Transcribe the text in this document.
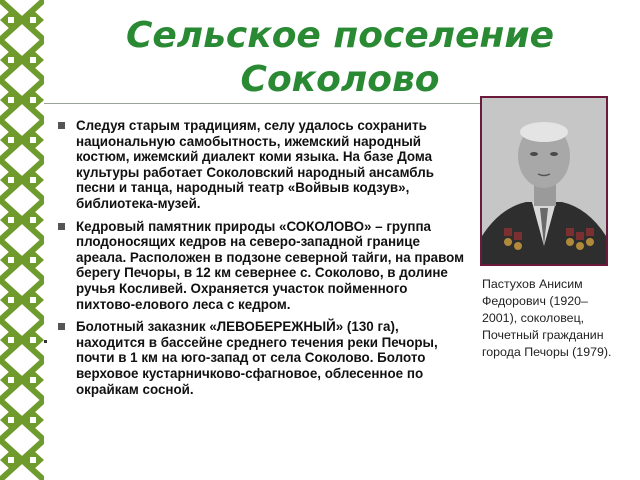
Сельское поселение Соколово

Следуя старым традициям, селу удалось сохранить национальную самобытность, ижемский народный костюм, ижемский диалект коми языка. На базе Дома культуры работает Соколовский народный ансамбль песни и танца, народный театр «Войвыв кодзув», библиотека-музей.

Кедровый памятник природы «СОКОЛОВО» – группа плодоносящих кедров на северо-западной границе ареала. Расположен в подзоне северной тайги, на правом берегу Печоры, в 12 км севернее с. Соколово, в долине ручья Косливей. Охраняется участок пойменного пихтово-елового леса с кедром.

Болотный заказник «ЛЕВОБЕРЕЖНЫЙ» (130 га), находится в бассейне среднего течения реки Печоры, почти в 1 км на юго-запад от села Соколово. Болото верховое кустарничково-сфагновое, облесенное по окрайкам сосной.

Пастухов Анисим Федорович (1920–2001), соколовец, Почетный гражданин города Печоры (1979).
